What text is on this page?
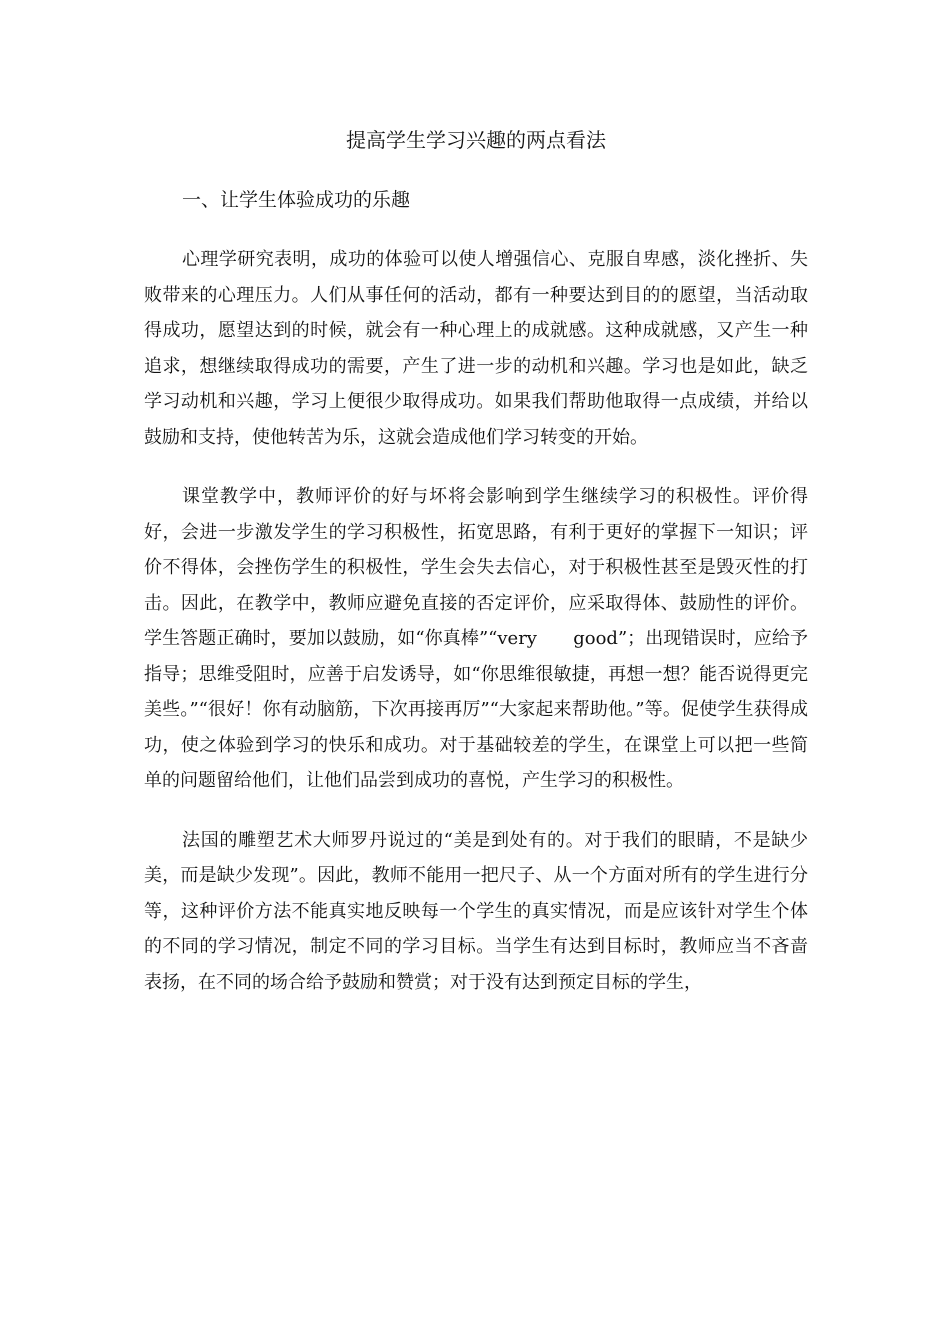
提高学生学习兴趣的两点看法

一、让学生体验成功的乐趣

心理学研究表明，成功的体验可以使人增强信心、克服自卑感，淡化挫折、失败带来的心理压力。人们从事任何的活动，都有一种要达到目的的愿望，当活动取得成功，愿望达到的时候，就会有一种心理上的成就感。这种成就感，又产生一种追求，想继续取得成功的需要，产生了进一步的动机和兴趣。学习也是如此，缺乏学习动机和兴趣，学习上便很少取得成功。如果我们帮助他取得一点成绩，并给以鼓励和支持，使他转苦为乐，这就会造成他们学习转变的开始。

课堂教学中，教师评价的好与坏将会影响到学生继续学习的积极性。评价得好，会进一步激发学生的学习积极性，拓宽思路，有利于更好的掌握下一知识；评价不得体，会挫伤学生的积极性，学生会失去信心，对于积极性甚至是毁灭性的打击。因此，在教学中，教师应避免直接的否定评价，应采取得体、鼓励性的评价。学生答题正确时，要加以鼓励，如“你真棒”“very　　good”；出现错误时，应给予指导；思维受阻时，应善于启发诱导，如“你思维很敏捷，再想一想？能否说得更完美些。”“很好！你有动脑筋，下次再接再厉”“大家起来帮助他。”等。促使学生获得成功，使之体验到学习的快乐和成功。对于基础较差的学生，在课堂上可以把一些简单的问题留给他们，让他们品尝到成功的喜悦，产生学习的积极性。

法国的雕塑艺术大师罗丹说过的“美是到处有的。对于我们的眼睛，不是缺少美，而是缺少发现”。因此，教师不能用一把尺子、从一个方面对所有的学生进行分等，这种评价方法不能真实地反映每一个学生的真实情况，而是应该针对学生个体的不同的学习情况，制定不同的学习目标。当学生有达到目标时，教师应当不吝啬表扬，在不同的场合给予鼓励和赞赏；对于没有达到预定目标的学生，
